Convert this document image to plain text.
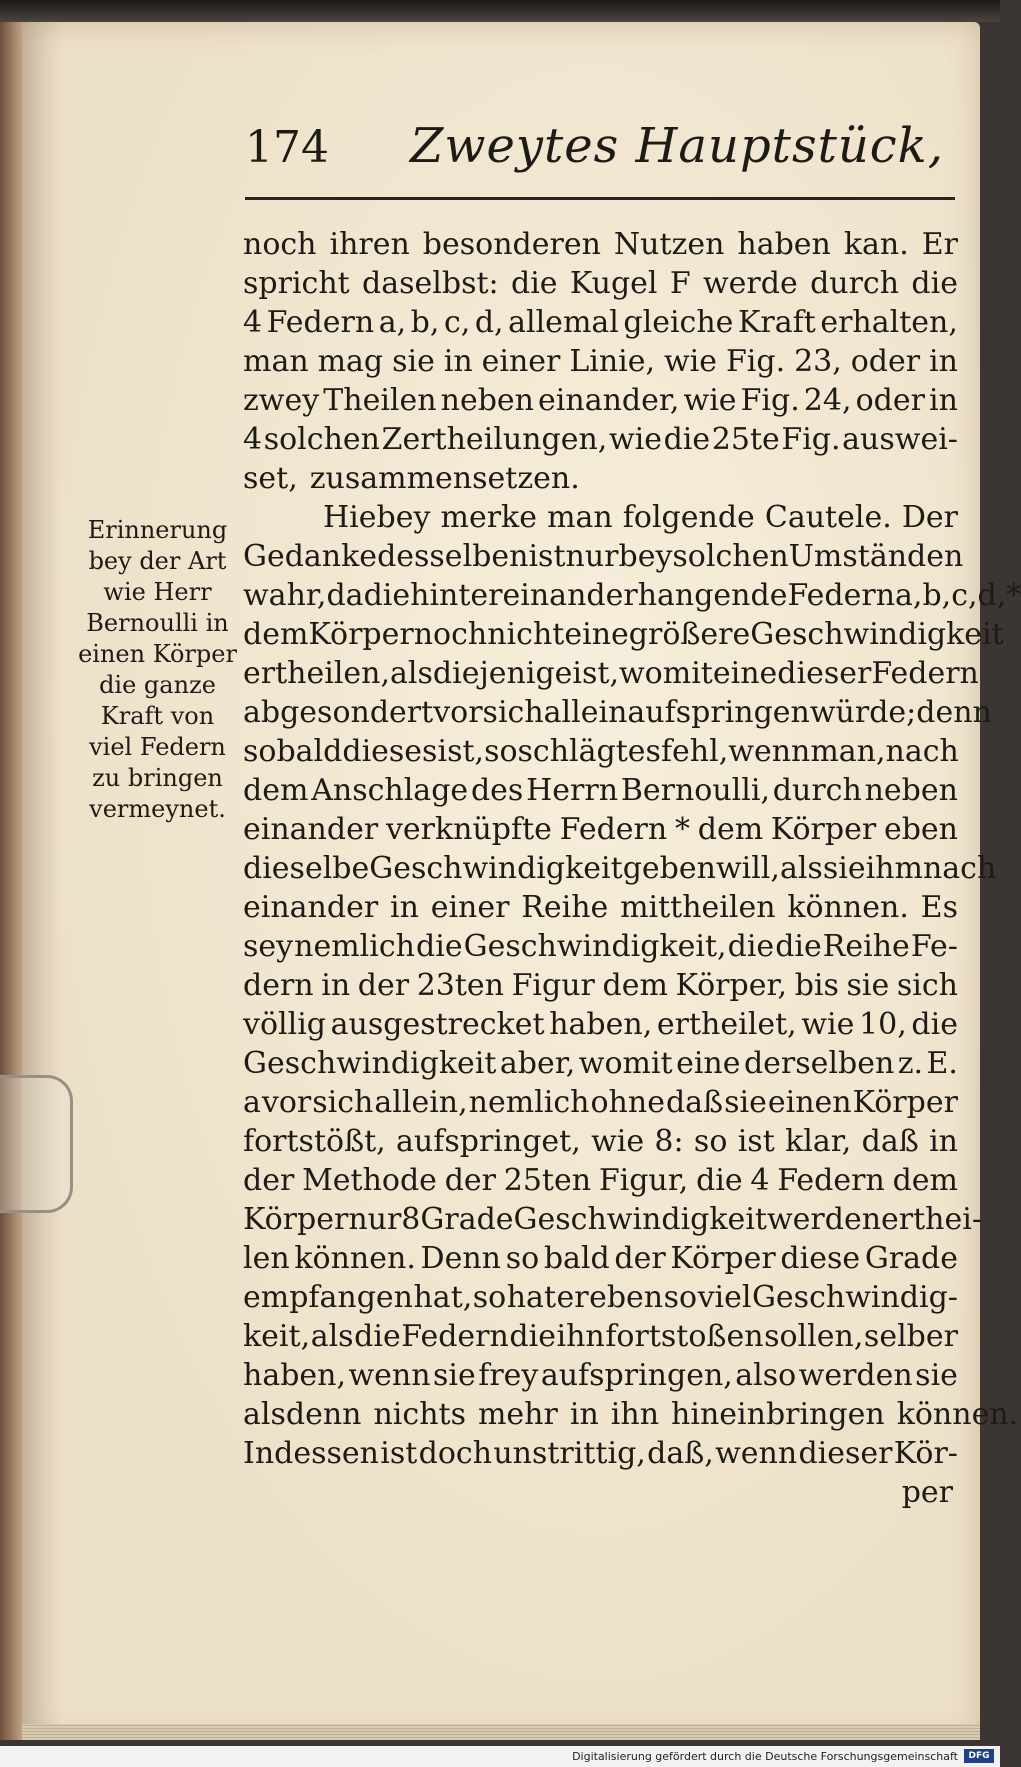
174 Zweytes Hauptstück,
Erinnerung
bey der Art
wie Herr
Bernoulli in
einen Körper
die ganze
Kraft von
viel Federn
zu bringen
vermeynet.
noch ihren besonderen Nutzen haben kan. Er
spricht daselbst: die Kugel F werde durch die
4 Federn a, b, c, d, allemal gleiche Kraft erhalten,
man mag sie in einer Linie, wie Fig. 23, oder in
zwey Theilen neben einander, wie Fig. 24, oder in
4 solchen Zertheilungen, wie die 25te Fig. auswei-
set, zusammensetzen.
Hiebey merke man folgende Cautele. Der
Gedanke desselben ist nur bey solchen Umständen
wahr, da die hintereinanderhangende Federn a, b, c, d,*
dem Körper noch nicht eine größere Geschwindigkeit
ertheilen, als diejenige ist, womit eine dieser Federn
abgesondert vor sich allein aufspringen würde; denn
so bald dieses ist, so schlägt es fehl, wenn man, nach
dem Anschlage des Herrn Bernoulli, durch neben
einander verknüpfte Federn * dem Körper eben
dieselbe Geschwindigkeit geben will, als sie ihm nach
einander in einer Reihe mittheilen können. Es
sey nemlich die Geschwindigkeit, die die Reihe Fe-
dern in der 23ten Figur dem Körper, bis sie sich
völlig ausgestrecket haben, ertheilet, wie 10, die
Geschwindigkeit aber, womit eine derselben z. E.
a vor sich allein, nemlich ohne daß sie einen Körper
fortstößt, aufspringet, wie 8: so ist klar, daß in
der Methode der 25ten Figur, die 4 Federn dem
Körper nur 8 Grade Geschwindigkeit werden erthei-
len können. Denn so bald der Körper diese Grade
empfangen hat, so hat er eben so viel Geschwindig-
keit, als die Federn die ihn fortstoßen sollen, selber
haben, wenn sie frey aufspringen, also werden sie
alsdenn nichts mehr in ihn hineinbringen können.
Indessen ist doch unstrittig, daß, wenn dieser Kör-
per
Digitalisierung gefördert durch die Deutsche Forschungsgemeinschaft	DFG
